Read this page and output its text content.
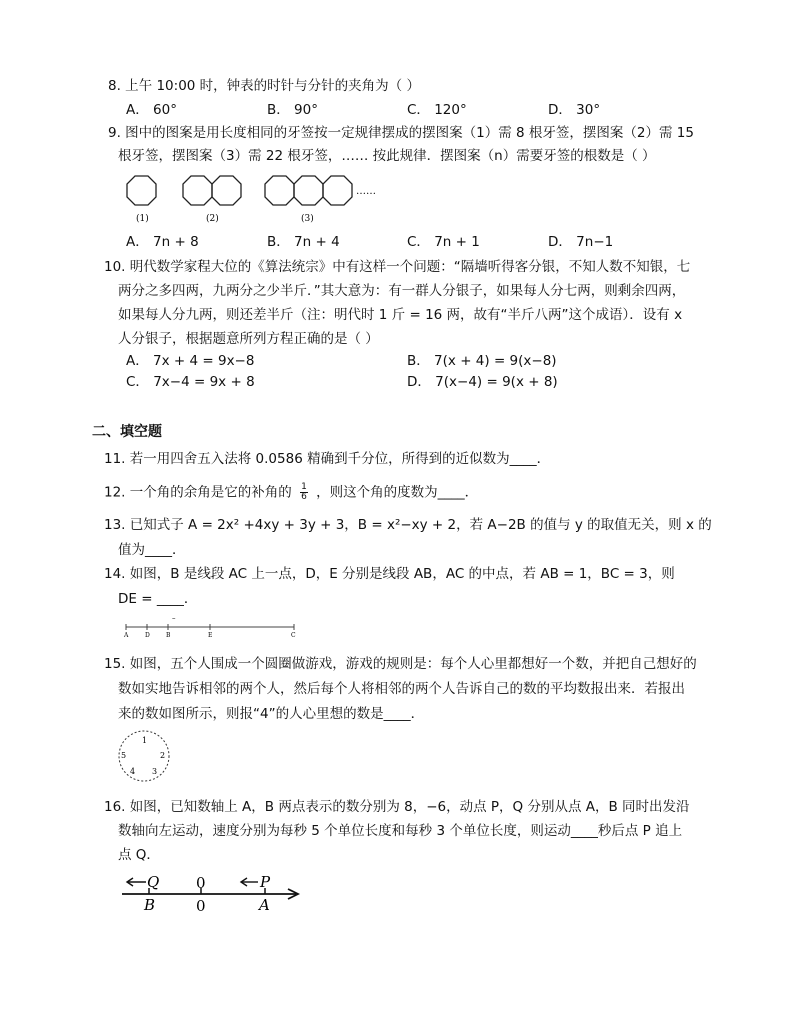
8. 上午 10:00 时，钟表的时针与分针的夹角为（ ）
A． 60°	B． 90°	C． 120°	D． 30°
9. 图中的图案是用长度相同的牙签按一定规律摆成的摆图案（1）需 8 根牙签，摆图案（2）需 15
根牙签，摆图案（3）需 22 根牙签，…… 按此规律．摆图案（n）需要牙签的根数是（ ）
……
(1)	(2)	(3)
A． 7n + 8	B． 7n + 4	C． 7n + 1	D． 7n−1
10. 明代数学家程大位的《算法统宗》中有这样一个问题：“隔墙听得客分银，不知人数不知银，七
两分之多四两，九两分之少半斤．”其大意为：有一群人分银子，如果每人分七两，则剩余四两，
如果每人分九两，则还差半斤（注：明代时 1 斤 = 16 两，故有“半斤八两”这个成语）．设有 x
人分银子，根据题意所列方程正确的是（ ）
A． 7x + 4 = 9x−8	B． 7(x + 4) = 9(x−8)
C． 7x−4 = 9x + 8	D． 7(x−4) = 9(x + 8)
二、填空题
11. 若一用四舍五入法将 0.0586 精确到千分位，所得到的近似数为____．
12. 一个角的余角是它的补角的 $\frac{1}{6}$ ，则这个角的度数为____．
13. 已知式子 A = 2x² +4xy + 3y + 3，B = x²−xy + 2，若 A−2B 的值与 y 的取值无关，则 x 的
值为____．
14. 如图，B 是线段 AC 上一点，D，E 分别是线段 AB，AC 的中点，若 AB = 1，BC = 3，则
DE = ____．
–
A	D	B	E	C
15. 如图，五个人围成一个圆圈做游戏，游戏的规则是：每个人心里都想好一个数，并把自己想好的
数如实地告诉相邻的两个人，然后每个人将相邻的两个人告诉自己的数的平均数报出来．若报出
来的数如图所示，则报“4”的人心里想的数是____．
1
2
3
4
5
16. 如图，已知数轴上 A，B 两点表示的数分别为 8，−6，动点 P，Q 分别从点 A，B 同时出发沿
数轴向左运动，速度分别为每秒 5 个单位长度和每秒 3 个单位长度，则运动____秒后点 P 追上
点 Q．
Q 0	P
B	0	A
